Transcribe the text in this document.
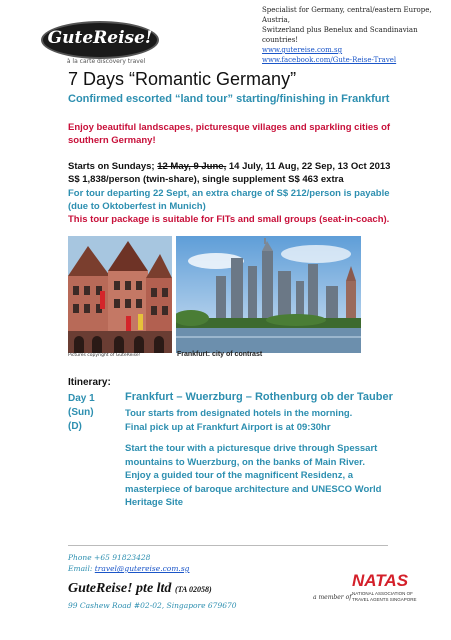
GuteReise!
à la carte discovery travel
Specialist for Germany, central/eastern Europe, Austria,
Switzerland plus Benelux and Scandinavian countries!
www.gutereise.com.sg
www.facebook.com/Gute-Reise-Travel
7 Days “Romantic Germany”
Confirmed escorted “land tour” starting/finishing in Frankfurt
Enjoy beautiful landscapes, picturesque villages and sparkling cities of southern Germany!
Starts on Sundays; 12 May, 9 June, 14 July, 11 Aug, 22 Sep, 13 Oct 2013
S$ 1,838/person (twin-share), single supplement S$ 463 extra
For tour departing 22 Sept, an extra charge of S$ 212/person is payable
(due to Oktoberfest in Munich)
This tour package is suitable for FITs and small groups (seat-in-coach).
Pictures copyright of GuteReise!	Frankfurt: city of contrast
Itinerary:
Day 1
(Sun)
(D)
Frankfurt – Wuerzburg – Rothenburg ob der Tauber
Tour starts from designated hotels in the morning.
Final pick up at Frankfurt Airport is at 09:30hr
Start the tour with a picturesque drive through Spessart mountains to Wuerzburg, on the banks of Main River. Enjoy a guided tour of the magnificent Residenz, a masterpiece of baroque architecture and UNESCO World Heritage Site
Phone +65 91823428
Email: travel@gutereise.com.sg
GuteReise! pte ltd (TA 02058)
99 Cashew Road #02-02, Singapore 679670
a member of
NATAS
NATIONAL ASSOCIATION OF
TRAVEL AGENTS SINGAPORE
